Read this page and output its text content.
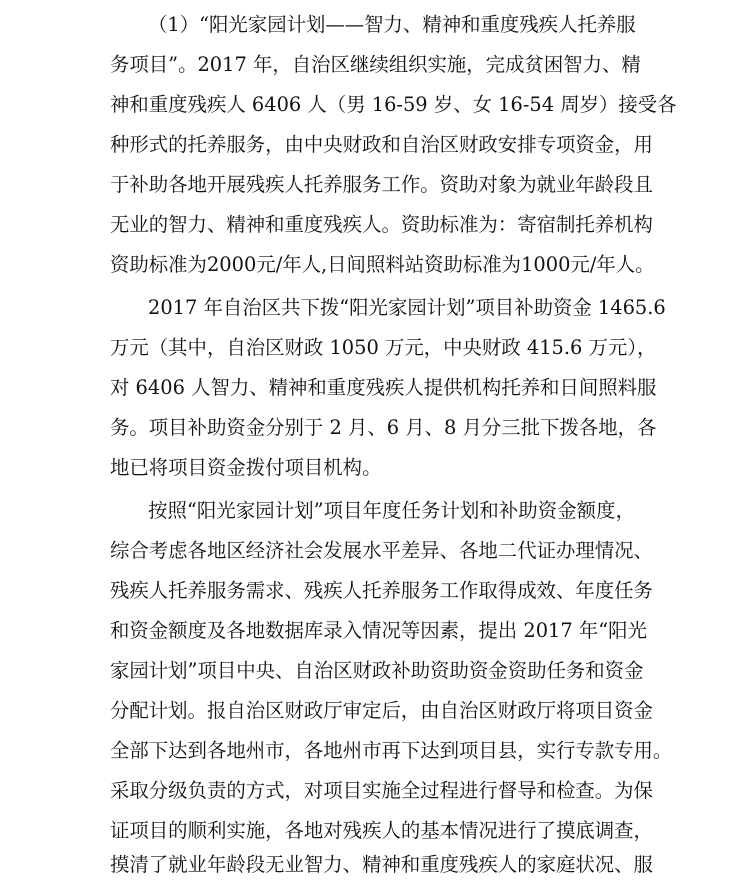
（1）“阳光家园计划——智力、精神和重度残疾人托养服
务项目”。2017 年，自治区继续组织实施，完成贫困智力、精
神和重度残疾人 6406 人（男 16-59 岁、女 16-54 周岁）接受各
种形式的托养服务，由中央财政和自治区财政安排专项资金，用
于补助各地开展残疾人托养服务工作。资助对象为就业年龄段且
无业的智力、精神和重度残疾人。资助标准为：寄宿制托养机构
资助标准为2000元/年人,日间照料站资助标准为1000元/年人。
2017 年自治区共下拨“阳光家园计划”项目补助资金 1465.6
万元（其中，自治区财政 1050 万元，中央财政 415.6 万元），
对 6406 人智力、精神和重度残疾人提供机构托养和日间照料服
务。项目补助资金分别于 2 月、6 月、8 月分三批下拨各地，各
地已将项目资金拨付项目机构。
按照“阳光家园计划”项目年度任务计划和补助资金额度，
综合考虑各地区经济社会发展水平差异、各地二代证办理情况、
残疾人托养服务需求、残疾人托养服务工作取得成效、年度任务
和资金额度及各地数据库录入情况等因素，提出 2017 年“阳光
家园计划”项目中央、自治区财政补助资助资金资助任务和资金
分配计划。报自治区财政厅审定后，由自治区财政厅将项目资金
全部下达到各地州市，各地州市再下达到项目县，实行专款专用。
采取分级负责的方式，对项目实施全过程进行督导和检查。为保
证项目的顺利实施，各地对残疾人的基本情况进行了摸底调查，
摸清了就业年龄段无业智力、精神和重度残疾人的家庭状况、服
